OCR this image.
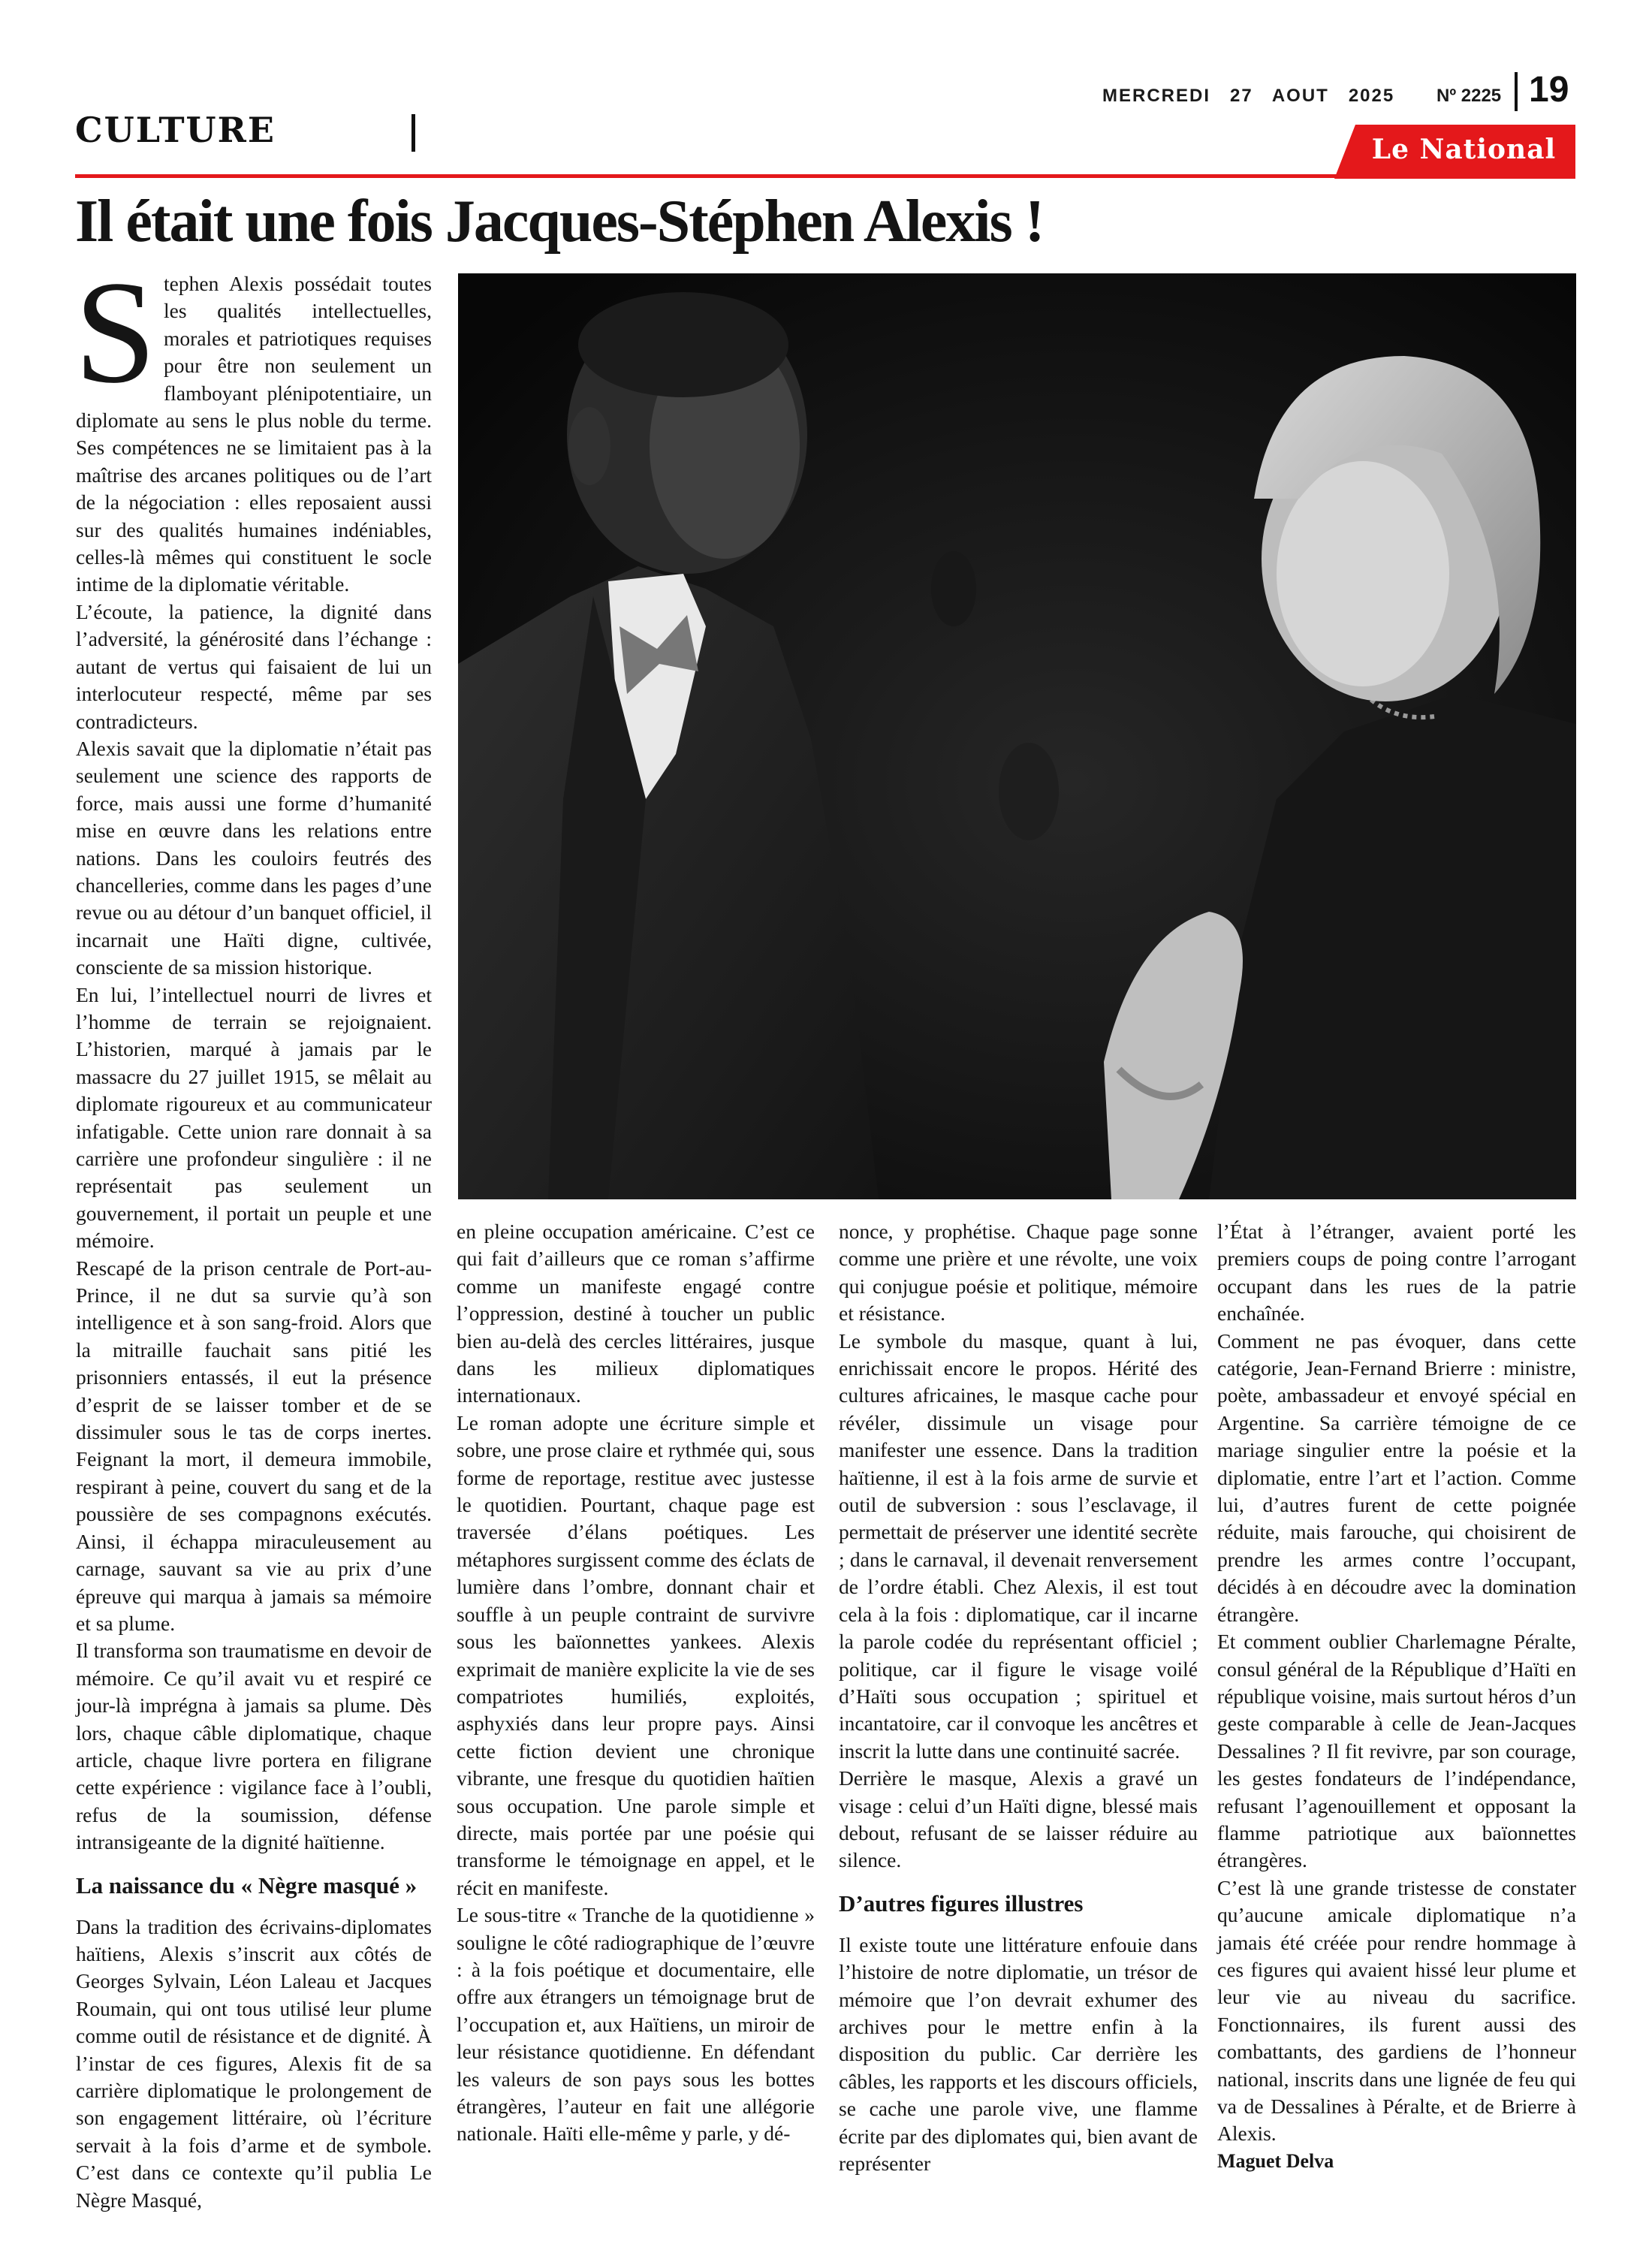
CULTURE
MERCREDI   27   AOUT   2025 Nº 2225 19
Le National
Il était une fois Jacques-Stéphen Alexis !
S tephen Alexis possédait toutes les qualités intellectuelles, morales et patriotiques requises pour être non seulement un flamboyant plénipotentiaire, un diplomate au sens le plus noble du terme. Ses compétences ne se limitaient pas à la maîtrise des arcanes politiques ou de l’art de la négociation : elles reposaient aussi sur des qualités humaines indéniables, celles-là mêmes qui constituent le socle intime de la diplomatie véritable.

L’écoute, la patience, la dignité dans l’adversité, la générosité dans l’échange : autant de vertus qui faisaient de lui un interlocuteur respecté, même par ses contradicteurs.

Alexis savait que la diplomatie n’était pas seulement une science des rapports de force, mais aussi une forme d’humanité mise en œuvre dans les relations entre nations. Dans les couloirs feutrés des chancelleries, comme dans les pages d’une revue ou au détour d’un banquet officiel, il incarnait une Haïti digne, cultivée, consciente de sa mission historique.

En lui, l’intellectuel nourri de livres et l’homme de terrain se rejoignaient. L’historien, marqué à jamais par le massacre du 27 juillet 1915, se mêlait au diplomate rigoureux et au communicateur infatigable. Cette union rare donnait à sa carrière une profondeur singulière : il ne représentait pas seulement un gouvernement, il portait un peuple et une mémoire.

Rescapé de la prison centrale de Port-au-Prince, il ne dut sa survie qu’à son intelligence et à son sang-froid. Alors que la mitraille fauchait sans pitié les prisonniers entassés, il eut la présence d’esprit de se laisser tomber et de se dissimuler sous le tas de corps inertes. Feignant la mort, il demeura immobile, respirant à peine, couvert du sang et de la poussière de ses compagnons exécutés. Ainsi, il échappa miraculeusement au carnage, sauvant sa vie au prix d’une épreuve qui marqua à jamais sa mémoire et sa plume.

Il transforma son traumatisme en devoir de mémoire. Ce qu’il avait vu et respiré ce jour-là imprégna à jamais sa plume. Dès lors, chaque câble diplomatique, chaque article, chaque livre portera en filigrane cette expérience : vigilance face à l’oubli, refus de la soumission, défense intransigeante de la dignité haïtienne.

La naissance du « Nègre masqué »

Dans la tradition des écrivains-diplomates haïtiens, Alexis s’inscrit aux côtés de Georges Sylvain, Léon Laleau et Jacques Roumain, qui ont tous utilisé leur plume comme outil de résistance et de dignité. À l’instar de ces figures, Alexis fit de sa carrière diplomatique le prolongement de son engagement littéraire, où l’écriture servait à la fois d’arme et de symbole. C’est dans ce contexte qu’il publia Le Nègre Masqué,

en pleine occupation américaine. C’est ce qui fait d’ailleurs que ce roman s’affirme comme un manifeste engagé contre l’oppression, destiné à toucher un public bien au-delà des cercles littéraires, jusque dans les milieux diplomatiques internationaux.

Le roman adopte une écriture simple et sobre, une prose claire et rythmée qui, sous forme de reportage, restitue avec justesse le quotidien. Pourtant, chaque page est traversée d’élans poétiques. Les métaphores surgissent comme des éclats de lumière dans l’ombre, donnant chair et souffle à un peuple contraint de survivre sous les baïonnettes yankees. Alexis exprimait de manière explicite la vie de ses compatriotes humiliés, exploités, asphyxiés dans leur propre pays. Ainsi cette fiction devient une chronique vibrante, une fresque du quotidien haïtien sous occupation. Une parole simple et directe, mais portée par une poésie qui transforme le témoignage en appel, et le récit en manifeste.

Le sous-titre « Tranche de la quotidienne » souligne le côté radiographique de l’œuvre : à la fois poétique et documentaire, elle offre aux étrangers un témoignage brut de l’occupation et, aux Haïtiens, un miroir de leur résistance quotidienne. En défendant les valeurs de son pays sous les bottes étrangères, l’auteur en fait une allégorie nationale. Haïti elle-même y parle, y dé-

nonce, y prophétise. Chaque page sonne comme une prière et une révolte, une voix qui conjugue poésie et politique, mémoire et résistance.

Le symbole du masque, quant à lui, enrichissait encore le propos. Hérité des cultures africaines, le masque cache pour révéler, dissimule un visage pour manifester une essence. Dans la tradition haïtienne, il est à la fois arme de survie et outil de subversion : sous l’esclavage, il permettait de préserver une identité secrète ; dans le carnaval, il devenait renversement de l’ordre établi. Chez Alexis, il est tout cela à la fois : diplomatique, car il incarne la parole codée du représentant officiel ; politique, car il figure le visage voilé d’Haïti sous occupation ; spirituel et incantatoire, car il convoque les ancêtres et inscrit la lutte dans une continuité sacrée.

Derrière le masque, Alexis a gravé un visage : celui d’un Haïti digne, blessé mais debout, refusant de se laisser réduire au silence.

D’autres figures illustres

Il existe toute une littérature enfouie dans l’histoire de notre diplomatie, un trésor de mémoire que l’on devrait exhumer des archives pour le mettre enfin à la disposition du public. Car derrière les câbles, les rapports et les discours officiels, se cache une parole vive, une flamme écrite par des diplomates qui, bien avant de représenter

l’État à l’étranger, avaient porté les premiers coups de poing contre l’arrogant occupant dans les rues de la patrie enchaînée.

Comment ne pas évoquer, dans cette catégorie, Jean-Fernand Brierre : ministre, poète, ambassadeur et envoyé spécial en Argentine. Sa carrière témoigne de ce mariage singulier entre la poésie et la diplomatie, entre l’art et l’action. Comme lui, d’autres furent de cette poignée réduite, mais farouche, qui choisirent de prendre les armes contre l’occupant, décidés à en découdre avec la domination étrangère.

Et comment oublier Charlemagne Péralte, consul général de la République d’Haïti en république voisine, mais surtout héros d’un geste comparable à celle de Jean-Jacques Dessalines ? Il fit revivre, par son courage, les gestes fondateurs de l’indépendance, refusant l’agenouillement et opposant la flamme patriotique aux baïonnettes étrangères.

C’est là une grande tristesse de constater qu’aucune amicale diplomatique n’a jamais été créée pour rendre hommage à ces figures qui avaient hissé leur plume et leur vie au niveau du sacrifice. Fonctionnaires, ils furent aussi des combattants, des gardiens de l’honneur national, inscrits dans une lignée de feu qui va de Dessalines à Péralte, et de Brierre à Alexis.

Maguet Delva
